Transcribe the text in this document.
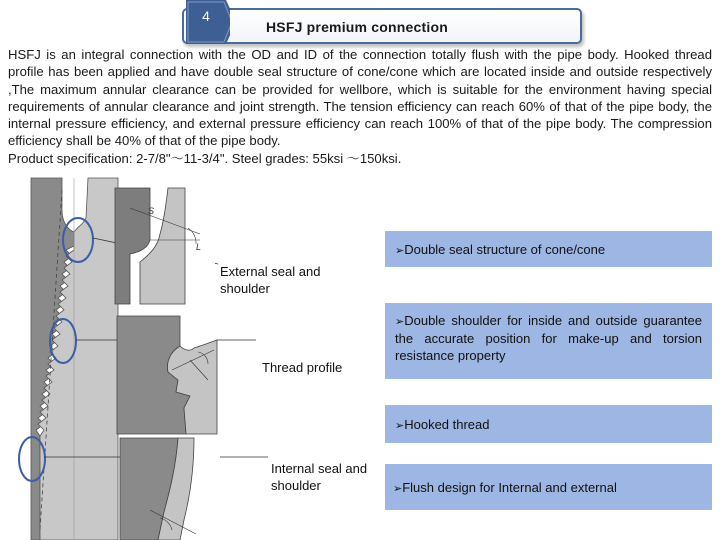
4
HSFJ premium connection

HSFJ is an integral connection with the OD and ID of the connection totally flush with the pipe body. Hooked thread profile has been applied and have double seal structure of cone/cone which are located inside and outside respectively ,The maximum annular clearance can be provided for wellbore, which is suitable for the environment having special requirements of annular clearance and joint strength. The tension efficiency can reach 60% of that of the pipe body, the internal pressure efficiency, and external pressure efficiency can reach 100% of that of the pipe body. The compression efficiency shall be 40% of that of the pipe body.

Product specification: 2-7/8"～11-3/4". Steel grades: 55ksi ～150ksi.

S
L
External seal and
shoulder
Thread profile
Internal seal and
shoulder
➢Double seal structure of cone/cone
➢Double shoulder for inside and outside guarantee the accurate position for make-up and torsion resistance property
➢Hooked thread
➢Flush design for Internal and external
